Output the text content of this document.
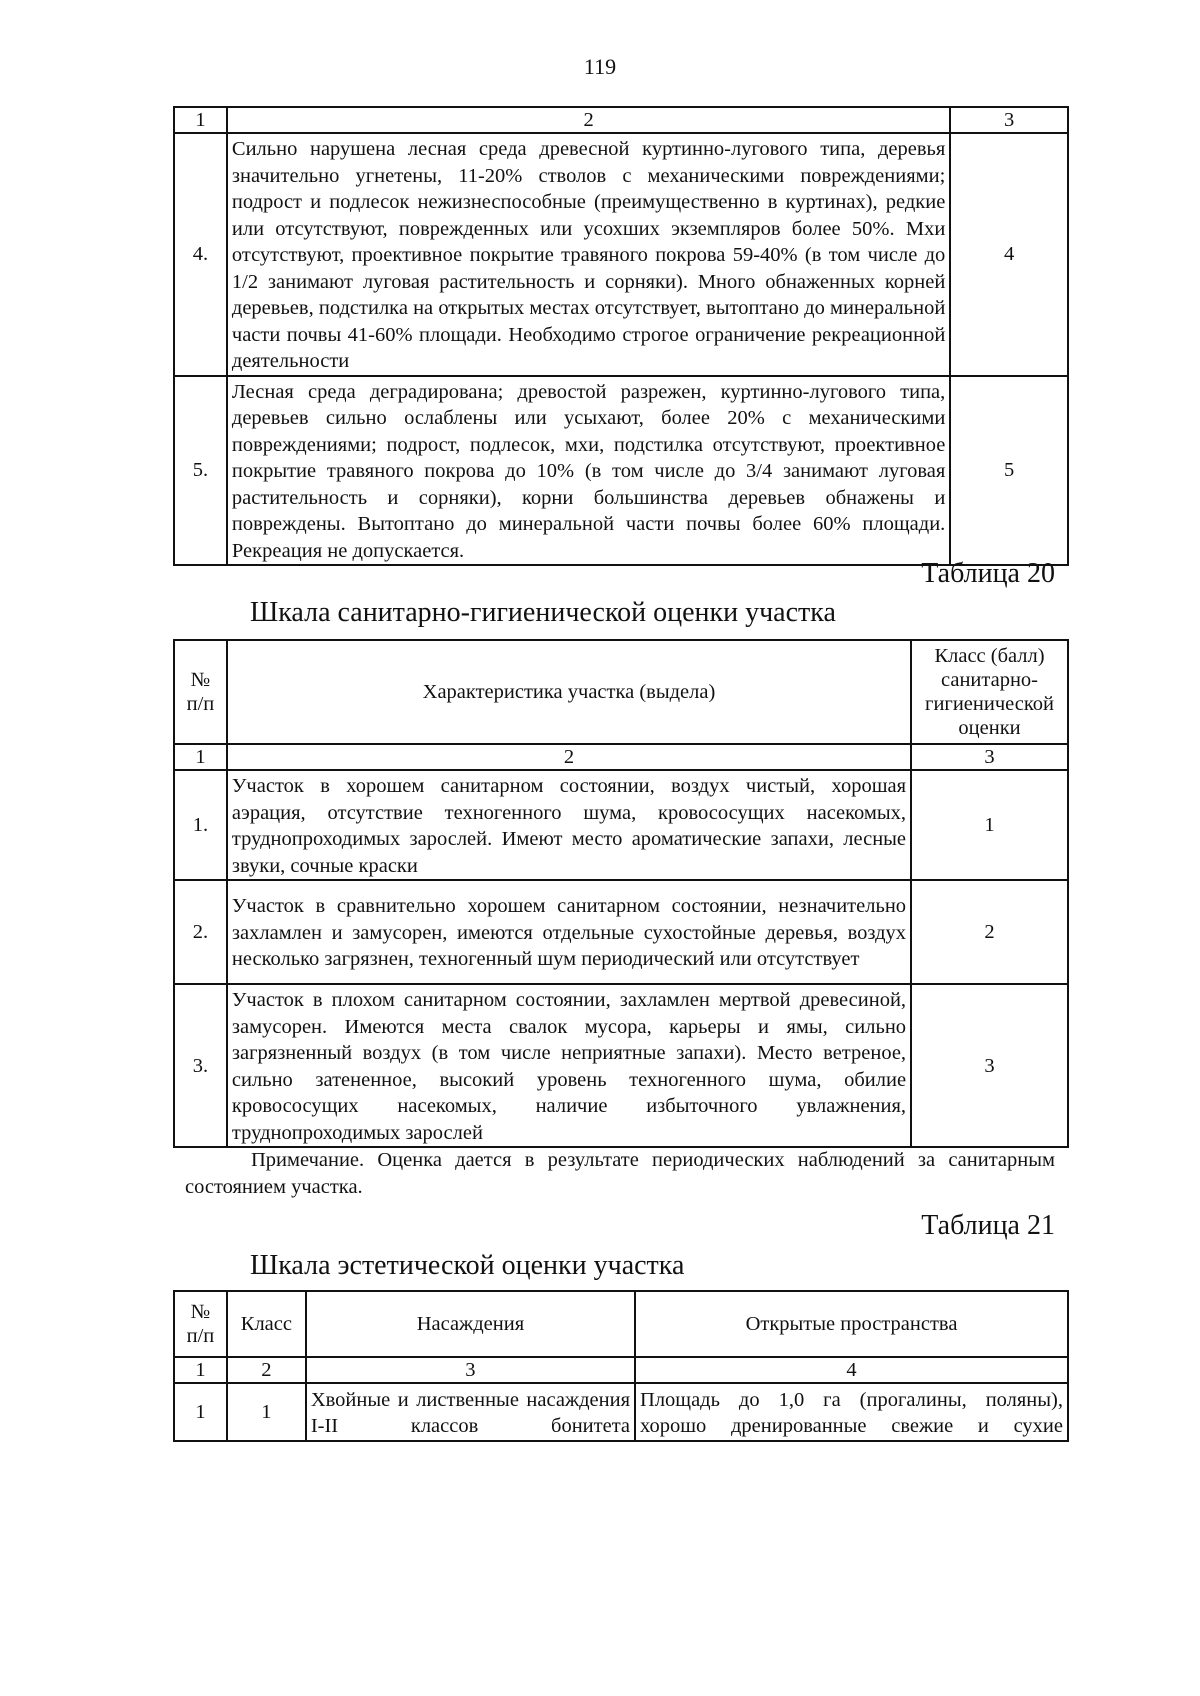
119
1	2	3
4.	Сильно нарушена лесная среда древесной куртинно-лугового типа, деревья значительно угнетены, 11-20% стволов с механическими повреждениями; подрост и подлесок нежизнеспособные (преимущественно в куртинах), редкие или отсутствуют, поврежденных или усохших экземпляров более 50%. Мхи отсутствуют, проективное покрытие травяного покрова 59-40% (в том числе до 1/2 занимают луговая растительность и сорняки). Много обнаженных корней деревьев, подстилка на открытых местах отсутствует, вытоптано до минеральной части почвы 41-60% площади. Необходимо строгое ограничение рекреационной деятельности	4
5.	Лесная среда деградирована; древостой разрежен, куртинно-лугового типа, деревьев сильно ослаблены или усыхают, более 20% с механическими повреждениями; подрост, подлесок, мхи, подстилка отсутствуют, проективное покрытие травяного покрова до 10% (в том числе до 3/4 занимают луговая растительность и сорняки), корни большинства деревьев обнажены и повреждены. Вытоптано до минеральной части почвы более 60% площади. Рекреация не допускается.	5
Таблица 20
Шкала санитарно-гигиенической оценки участка
№ п/п	Характеристика участка (выдела)	Класс (балл) санитарно-гигиенической оценки
1	2	3
1.	Участок в хорошем санитарном состоянии, воздух чистый, хорошая аэрация, отсутствие техногенного шума, кровососущих насекомых, труднопроходимых зарослей. Имеют место ароматические запахи, лесные звуки, сочные краски	1
2.	Участок в сравнительно хорошем санитарном состоянии, незначительно захламлен и замусорен, имеются отдельные сухостойные деревья, воздух несколько загрязнен, техногенный шум периодический или отсутствует	2
3.	Участок в плохом санитарном состоянии, захламлен мертвой древесиной, замусорен. Имеются места свалок мусора, карьеры и ямы, сильно загрязненный воздух (в том числе неприятные запахи). Место ветреное, сильно затененное, высокий уровень техногенного шума, обилие кровососущих насекомых, наличие избыточного увлажнения, труднопроходимых зарослей	3
Примечание. Оценка дается в результате периодических наблюдений за санитарным состоянием участка.
Таблица 21
Шкала эстетической оценки участка
№ п/п	Класс	Насаждения	Открытые пространства
1	2	3	4
1	1	Хвойные и лиственные насаждения I-II классов бонитета	Площадь до 1,0 га (прогалины, поляны), хорошо дренированные свежие и сухие
